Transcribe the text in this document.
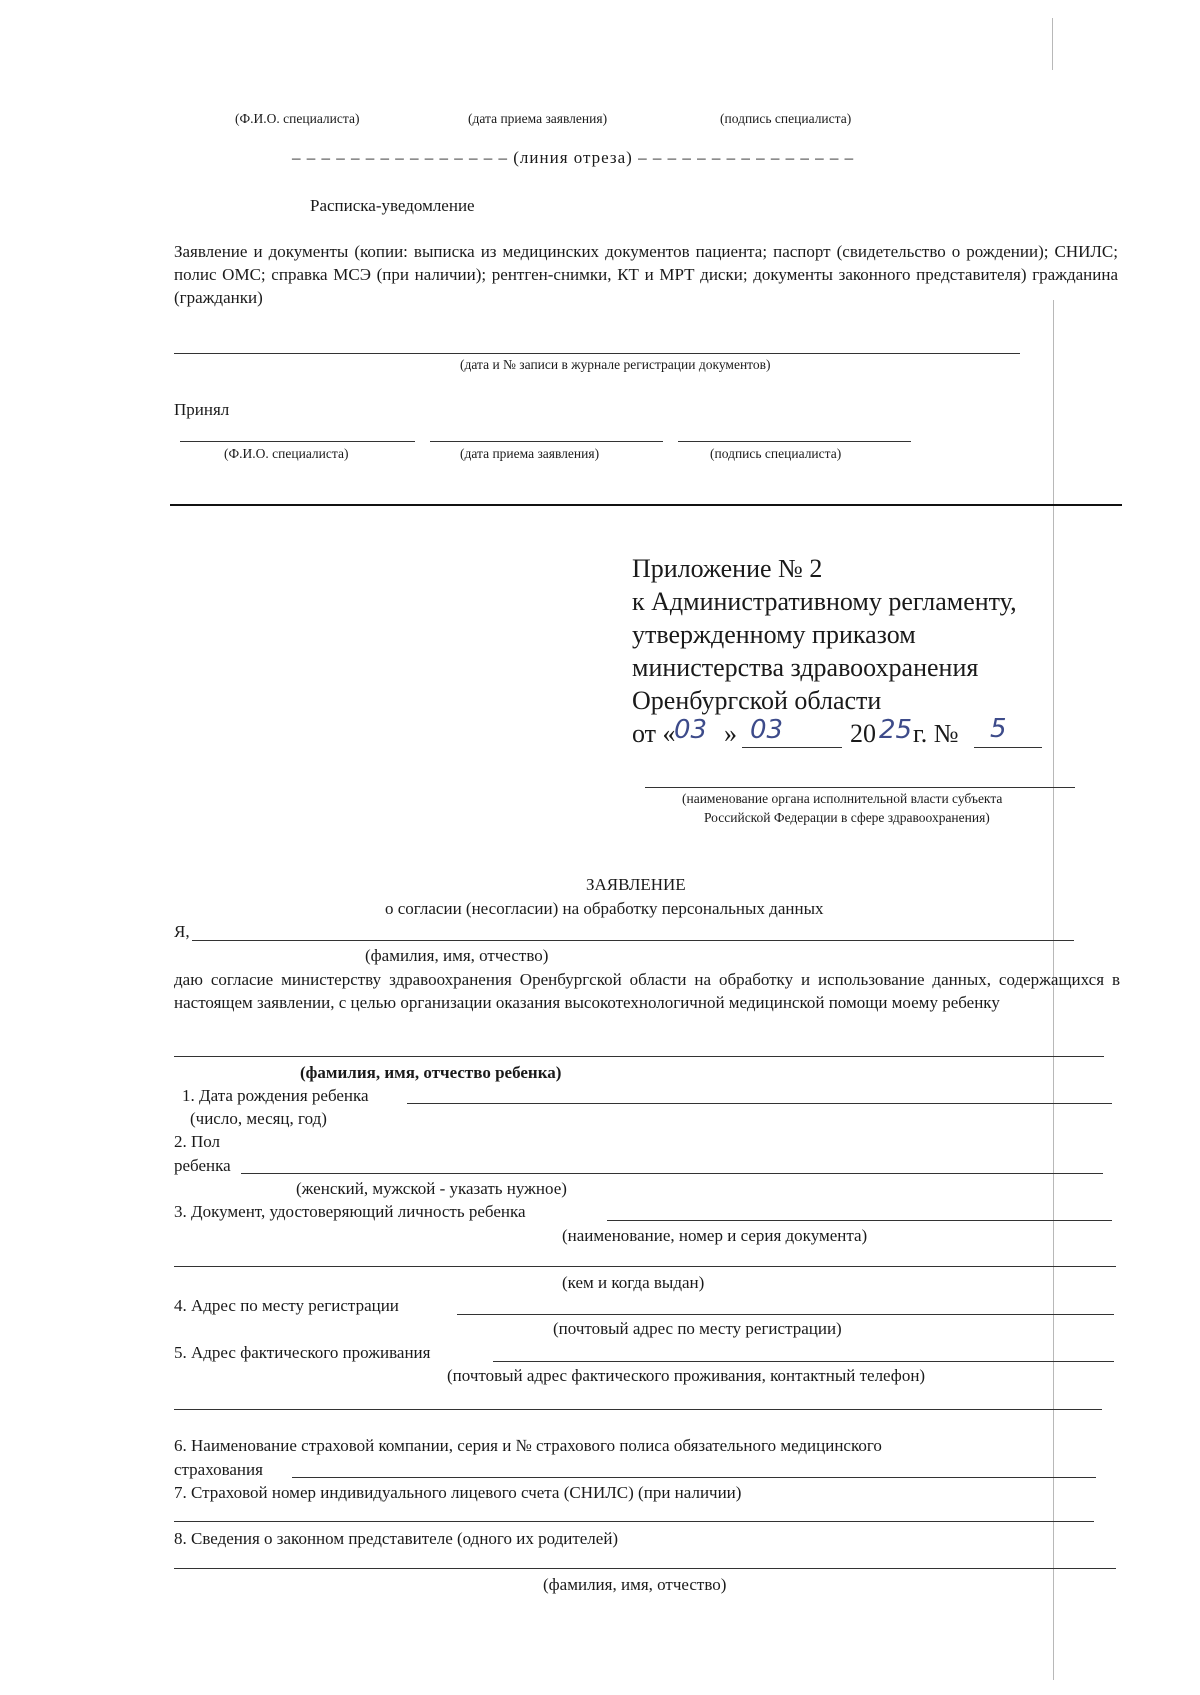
(Ф.И.О. специалиста)	(дата приема заявления)	(подпись специалиста)
– – – – – – – – – – – – – – – (линия отреза) – – – – – – – – – – – – – – –
Расписка-уведомление
Заявление и документы (копии: выписка из медицинских документов пациента; паспорт (свидетельство о рождении); СНИЛС; полис ОМС; справка МСЭ (при наличии); рентген-снимки, КТ и МРТ диски; документы законного представителя) гражданина (гражданки)
(дата и № записи в журнале регистрации документов)
Принял
(Ф.И.О. специалиста)	(дата приема заявления)	(подпись специалиста)
Приложение № 2
к Административному регламенту,
утвержденному приказом
министерства здравоохранения
Оренбургской области
от «
03 » 03	20 25 г. № 5
(наименование органа исполнительной власти субъекта
Российской Федерации в сфере здравоохранения)
ЗАЯВЛЕНИЕ
о согласии (несогласии) на обработку персональных данных
Я,
(фамилия, имя, отчество)
даю согласие министерству здравоохранения Оренбургской области на обработку и использование данных, содержащихся в настоящем заявлении, с целью организации оказания высокотехнологичной медицинской помощи моему ребенку
(фамилия, имя, отчество ребенка)
1. Дата рождения ребенка
(число, месяц, год)
2. Пол
ребенка
(женский, мужской - указать нужное)
3. Документ, удостоверяющий личность ребенка
(наименование, номер и серия документа)
(кем и когда выдан)
4. Адрес по месту регистрации
(почтовый адрес по месту регистрации)
5. Адрес фактического проживания
(почтовый адрес фактического проживания, контактный телефон)
6. Наименование страховой компании, серия и № страхового полиса обязательного медицинского
страхования
7. Страховой номер индивидуального лицевого счета (СНИЛС) (при наличии)
8. Сведения о законном представителе (одного их родителей)
(фамилия, имя, отчество)
